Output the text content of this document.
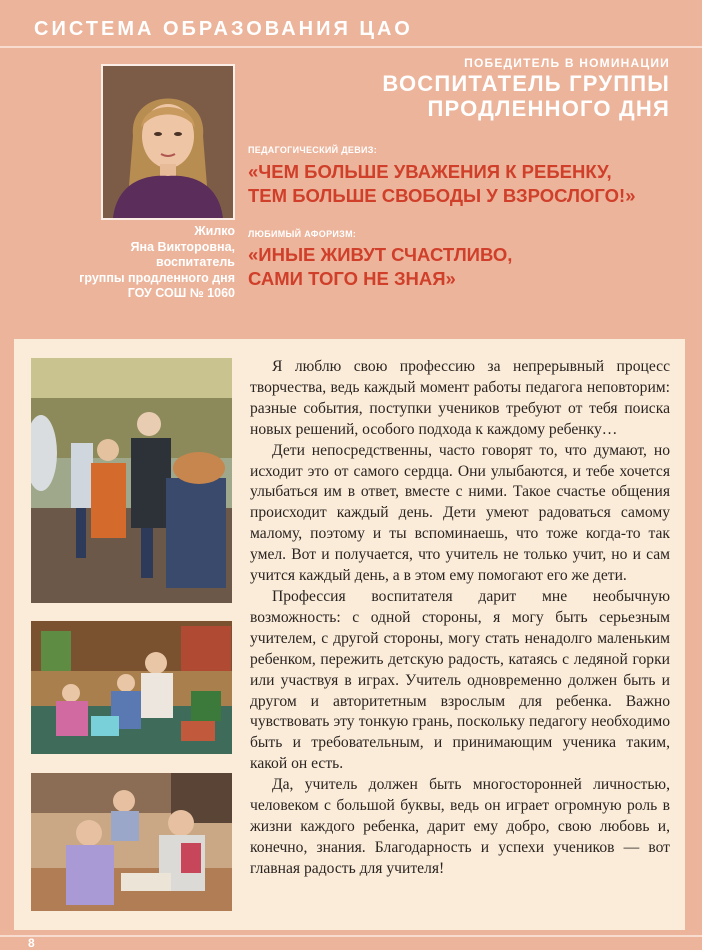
СИСТЕМА ОБРАЗОВАНИЯ ЦАО
Жилко
Яна Викторовна,
воспитатель
группы продленного дня
ГОУ СОШ № 1060
ПОБЕДИТЕЛЬ В НОМИНАЦИИ
ВОСПИТАТЕЛЬ ГРУППЫ
ПРОДЛЕННОГО ДНЯ
ПЕДАГОГИЧЕСКИЙ ДЕВИЗ:
«ЧЕМ БОЛЬШЕ УВАЖЕНИЯ К РЕБЕНКУ,
ТЕМ БОЛЬШЕ СВОБОДЫ У ВЗРОСЛОГО!»
ЛЮБИМЫЙ АФОРИЗМ:
«ИНЫЕ ЖИВУТ СЧАСТЛИВО,
САМИ ТОГО НЕ ЗНАЯ»

Я люблю свою профессию за непрерывный процесс творчества, ведь каждый момент работы педагога неповторим: разные события, поступки учеников требуют от тебя поиска новых решений, особого подхода к каждому ребенку…

Дети непосредственны, часто говорят то, что думают, но исходит это от самого сердца. Они улыбаются, и тебе хочется улыбаться им в ответ, вместе с ними. Такое счастье общения происходит каждый день. Дети умеют радоваться самому малому, поэтому и ты вспоминаешь, что тоже когда-то так умел. Вот и получается, что учитель не только учит, но и сам учится каждый день, а в этом ему помогают его же дети.

Профессия воспитателя дарит мне необычную возможность: с одной стороны, я могу быть серьезным учителем, с другой стороны, могу стать ненадолго маленьким ребенком, пережить детскую радость, катаясь с ледяной горки или участвуя в играх. Учитель одновременно должен быть и другом и авторитетным взрослым для ребенка. Важно чувствовать эту тонкую грань, поскольку педагогу необходимо быть и требовательным, и принимающим ученика таким, какой он есть.

Да, учитель должен быть многосторонней личностью, человеком с большой буквы, ведь он играет огромную роль в жизни каждого ребенка, дарит ему добро, свою любовь и, конечно, знания. Благодарность и успехи учеников — вот главная радость для учителя!

8
